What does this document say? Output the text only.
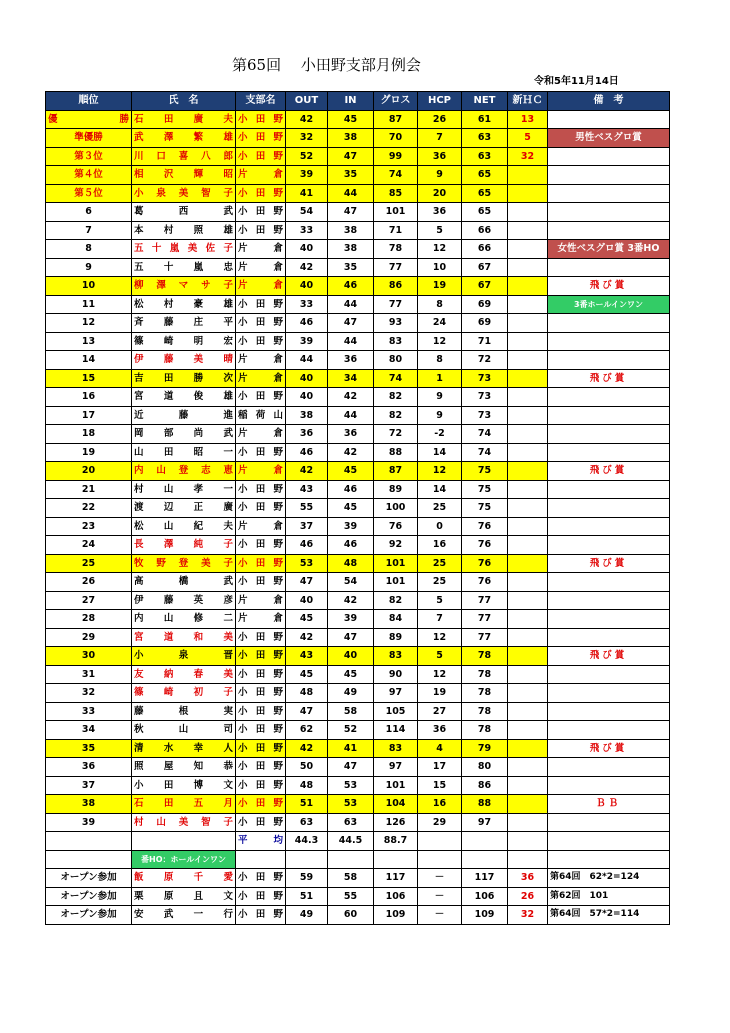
第65回　 小田野支部月例会
令和5年11月14日
順位	氏　名	支部名	OUT	IN	グロス	HCP	NET	新ＨＣ	備　考
優　　勝	石田廣夫	小田野	42	45	87	26	61	13	
準優勝	武澤繁雄	小田野	32	38	70	7	63	5	男性ベスグロ賞
第３位	川口喜八郎	小田野	52	47	99	36	63	32	
第４位	相沢輝昭	片倉	39	35	74	9	65		
第５位	小泉美智子	小田野	41	44	85	20	65		
6	葛西武	小田野	54	47	101	36	65		
7	本村照雄	小田野	33	38	71	5	66		
8	五十嵐美佐子	片倉	40	38	78	12	66		女性ベスグロ賞 3番HO
9	五十嵐忠	片倉	42	35	77	10	67		
10	柳澤マサ子	片倉	40	46	86	19	67		飛び賞
11	松村豪雄	小田野	33	44	77	8	69		3番ホールインワン
12	斉藤庄平	小田野	46	47	93	24	69		
13	篠崎明宏	小田野	39	44	83	12	71		
14	伊藤美晴	片倉	44	36	80	8	72		
15	吉田勝次	片倉	40	34	74	1	73		飛び賞
16	宮道俊雄	小田野	40	42	82	9	73		
17	近藤進	稲荷山	38	44	82	9	73		
18	岡部尚武	片倉	36	36	72	-2	74		
19	山田昭一	小田野	46	42	88	14	74		
20	内山登志恵	片倉	42	45	87	12	75		飛び賞
21	村山孝一	小田野	43	46	89	14	75		
22	渡辺正廣	小田野	55	45	100	25	75		
23	松山紀夫	片倉	37	39	76	0	76		
24	長澤純子	小田野	46	46	92	16	76		
25	牧野登美子	小田野	53	48	101	25	76		飛び賞
26	高橋武	小田野	47	54	101	25	76		
27	伊藤英彦	片倉	40	42	82	5	77		
28	内山修二	片倉	45	39	84	7	77		
29	宮道和美	小田野	42	47	89	12	77		
30	小泉晋	小田野	43	40	83	5	78		飛び賞
31	友納春美	小田野	45	45	90	12	78		
32	篠崎初子	小田野	48	49	97	19	78		
33	藤根実	小田野	47	58	105	27	78		
34	秋山司	小田野	62	52	114	36	78		
35	清水幸人	小田野	42	41	83	4	79		飛び賞
36	照屋知恭	小田野	50	47	97	17	80		
37	小田博文	小田野	48	53	101	15	86		
38	石田五月	小田野	51	53	104	16	88		ＢＢ
39	村山美智子	小田野	63	63	126	29	97		
		平　均	44.3	44.5	88.7				
	番HO：ホールインワン								
オープン参加	飯原千愛	小田野	59	58	117	－	117	36	第64回　62*2=124
オープン参加	栗原且文	小田野	51	55	106	－	106	26	第62回　101
オープン参加	安武一行	小田野	49	60	109	－	109	32	第64回　57*2=114
